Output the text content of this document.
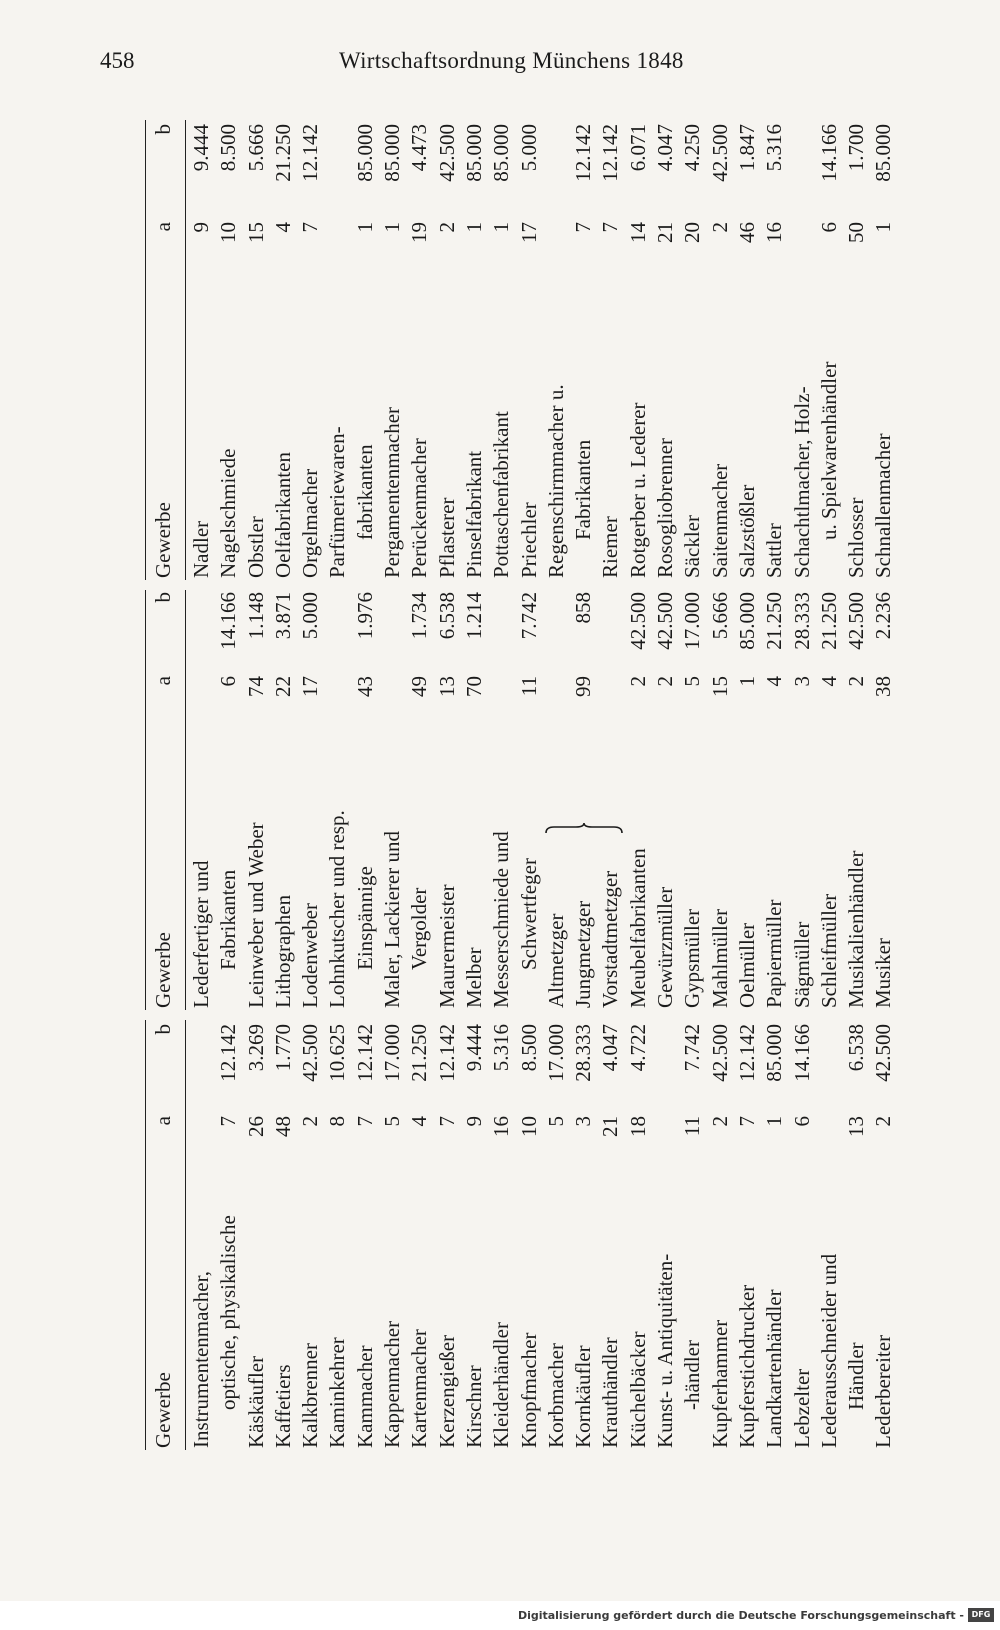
458	Wirtschaftsordnung Münchens 1848
Gewerbe
a
b
Instrumentenmacher, optische, physikalische
7
12.142
Käskäufler
26
3.269
Kaffetiers
48
1.770
Kalkbrenner
2
42.500
Kaminkehrer
8
10.625
Kammacher
7
12.142
Kappenmacher
5
17.000
Kartenmacher
4
21.250
Kerzengießer
7
12.142
Kirschner
9
9.444
Kleiderhändler
16
5.316
Knopfmacher
10
8.500
Korbmacher
5
17.000
Kornkäufler
3
28.333
Krauthändler
21
4.047
Küchelbäcker
18
4.722
Kunst- u. Antiquitäten- -händler
11
7.742
Kupferhammer
2
42.500
Kupferstichdrucker
7
12.142
Landkartenhändler
1
85.000
Lebzelter
6
14.166
Lederausschneider und Händler
13
6.538
Lederbereiter
2
42.500
Gewerbe
a
b
Lederfertiger und Fabrikanten
6
14.166
Leinweber und Weber
74
1.148
Lithographen
22
3.871
Lodenweber
17
5.000
Lohnkutscher und resp. Einspännige
43
1.976
Maler, Lackierer und Vergolder
49
1.734
Maurermeister
13
6.538
Melber
70
1.214
Messerschmiede und Schwertfeger
11
7.742
Altmetzger Jungmetzger
99
858
Vorstadtmetzger Meubelfabrikanten
2
42.500
Gewürzmüller
2
42.500
Gypsmüller
5
17.000
Mahlmüller
15
5.666
Oelmüller
1
85.000
Papiermüller
4
21.250
Sägmüller
3
28.333
Schleifmüller
4
21.250
Musikalienhändler
2
42.500
Musiker
38
2.236
Gewerbe
a
b
Nadler
9
9.444
Nagelschmiede
10
8.500
Obstler
15
5.666
Oelfabrikanten
4
21.250
Orgelmacher
7
12.142
Parfümeriewaren- fabrikanten
1
85.000
Pergamentenmacher
1
85.000
Perückenmacher
19
4.473
Pflasterer
2
42.500
Pinselfabrikant
1
85.000
Pottaschenfabrikant
1
85.000
Priechler
17
5.000
Regenschirmmacher u. Fabrikanten
7
12.142
Riemer
7
12.142
Rotgerber u. Lederer
14
6.071
Rosogliobrenner
21
4.047
Säckler
20
4.250
Saitenmacher
2
42.500
Salzstößler
46
1.847
Sattler
16
5.316
Schachtlmacher, Holz- u. Spielwarenhändler
6
14.166
Schlosser
50
1.700
Schnallenmacher
1
85.000
Digitalisierung gefördert durch die Deutsche Forschungsgemeinschaft - DFG
